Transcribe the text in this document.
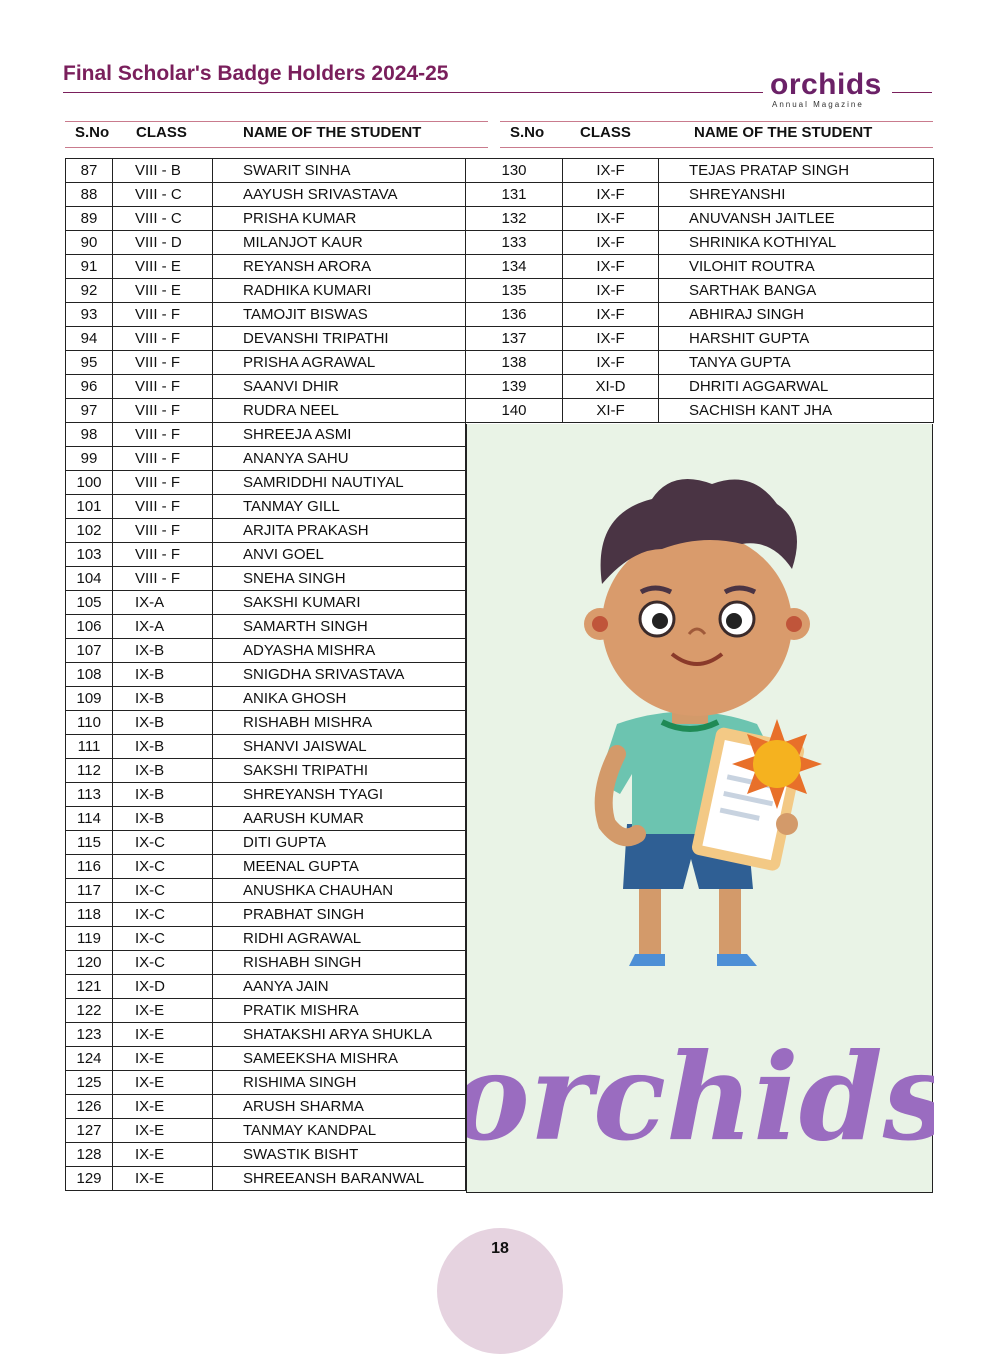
Final Scholar's Badge Holders 2024-25	orchids
Annual Magazine
S.No CLASS	NAME OF THE STUDENT	S.No CLASS	NAME OF THE STUDENT
87	VIII - B	SWARIT SINHA
88	VIII - C	AAYUSH SRIVASTAVA
89	VIII - C	PRISHA KUMAR
90	VIII - D	MILANJOT KAUR
91	VIII - E	REYANSH ARORA
92	VIII - E	RADHIKA KUMARI
93	VIII - F	TAMOJIT BISWAS
94	VIII - F	DEVANSHI TRIPATHI
95	VIII - F	PRISHA AGRAWAL
96	VIII - F	SAANVI DHIR
97	VIII - F	RUDRA NEEL
98	VIII - F	SHREEJA ASMI
99	VIII - F	ANANYA SAHU
100	VIII - F	SAMRIDDHI NAUTIYAL
101	VIII - F	TANMAY GILL
102	VIII - F	ARJITA PRAKASH
103	VIII - F	ANVI GOEL
104	VIII - F	SNEHA SINGH
105	IX-A	SAKSHI KUMARI
106	IX-A	SAMARTH SINGH
107	IX-B	ADYASHA MISHRA
108	IX-B	SNIGDHA SRIVASTAVA
109	IX-B	ANIKA GHOSH
110	IX-B	RISHABH MISHRA
111	IX-B	SHANVI JAISWAL
112	IX-B	SAKSHI TRIPATHI
113	IX-B	SHREYANSH TYAGI
114	IX-B	AARUSH KUMAR
115	IX-C	DITI GUPTA
116	IX-C	MEENAL GUPTA
117	IX-C	ANUSHKA CHAUHAN
118	IX-C	PRABHAT SINGH
119	IX-C	RIDHI AGRAWAL
120	IX-C	RISHABH SINGH
121	IX-D	AANYA JAIN
122	IX-E	PRATIK MISHRA
123	IX-E	SHATAKSHI ARYA SHUKLA
124	IX-E	SAMEEKSHA MISHRA
125	IX-E	RISHIMA SINGH
126	IX-E	ARUSH SHARMA
127	IX-E	TANMAY KANDPAL
128	IX-E	SWASTIK BISHT
129	IX-E	SHREEANSH BARANWAL
130	IX-F	TEJAS PRATAP SINGH
131	IX-F	SHREYANSHI
132	IX-F	ANUVANSH JAITLEE
133	IX-F	SHRINIKA KOTHIYAL
134	IX-F	VILOHIT ROUTRA
135	IX-F	SARTHAK BANGA
136	IX-F	ABHIRAJ SINGH
137	IX-F	HARSHIT GUPTA
138	IX-F	TANYA GUPTA
139	XI-D	DHRITI AGGARWAL
140	XI-F	SACHISH KANT JHA
orchids
18
